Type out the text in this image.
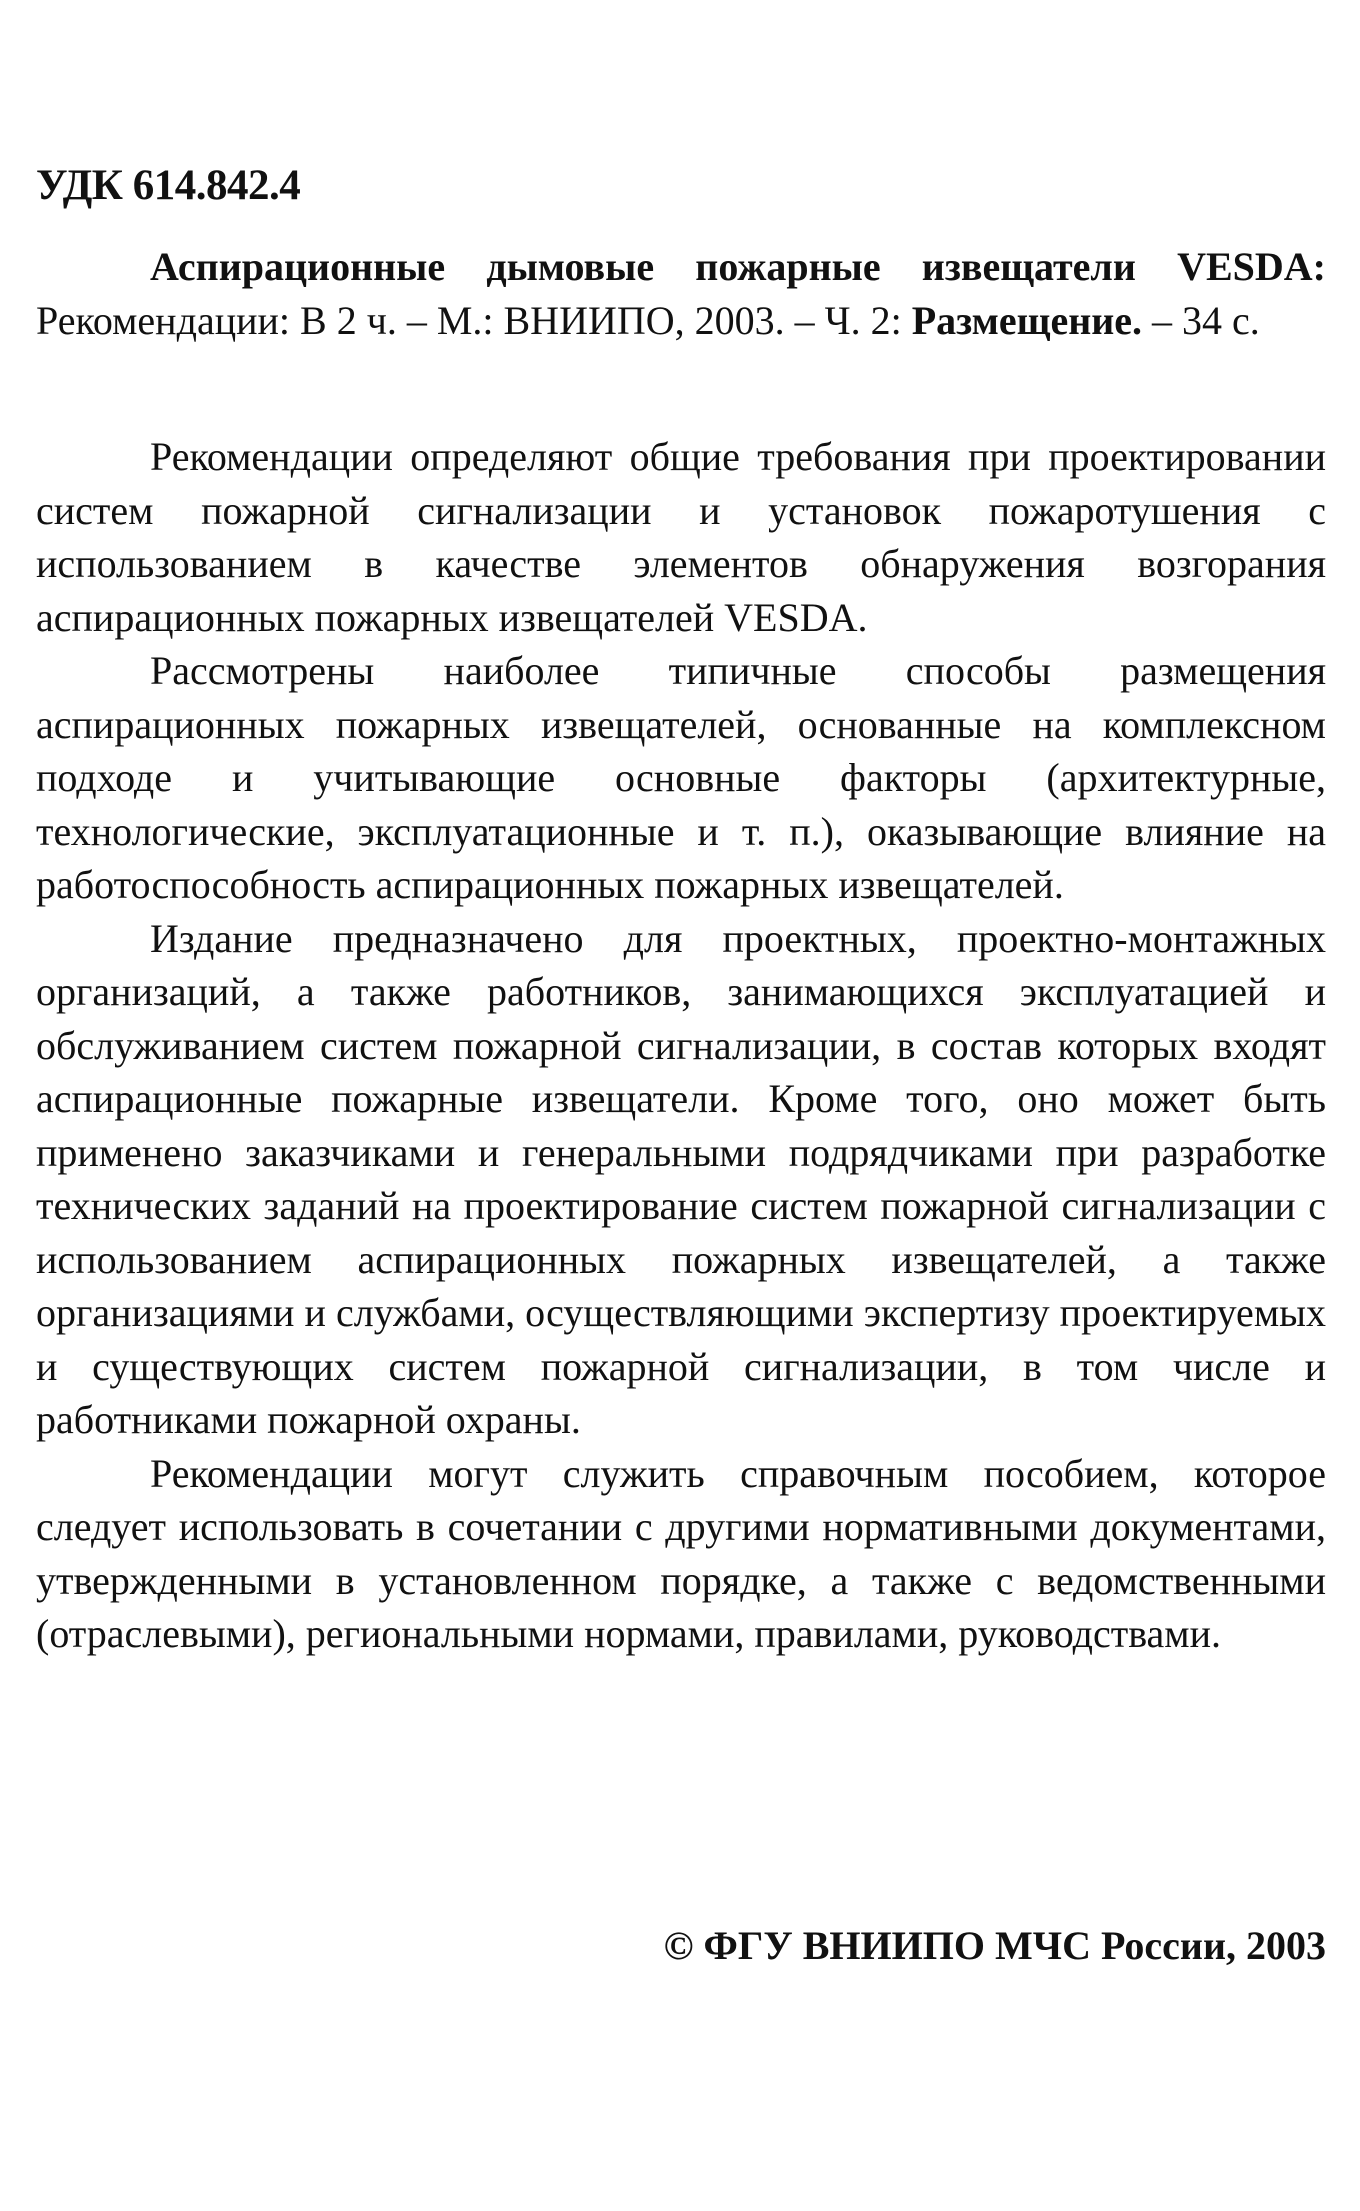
УДК 614.842.4

Аспирационные дымовые пожарные извещатели VESDA: Рекомендации: В 2 ч. – М.: ВНИИПО, 2003. – Ч. 2: Размещение. – 34 с.

Рекомендации определяют общие требования при проектировании систем пожарной сигнализации и установок пожаротушения с использованием в качестве элементов обнаружения возгорания аспирационных пожарных извещателей VESDA.

Рассмотрены наиболее типичные способы размещения аспирационных пожарных извещателей, основанные на комплексном подходе и учитывающие основные факторы (архитектурные, технологические, эксплуатационные и т. п.), оказывающие влияние на работоспособность аспирационных пожарных извещателей.

Издание предназначено для проектных, проектно-монтажных организаций, а также работников, занимающихся эксплуатацией и обслуживанием систем пожарной сигнализации, в состав которых входят аспирационные пожарные извещатели. Кроме того, оно может быть применено заказчиками и генеральными подрядчиками при разработке технических заданий на проектирование систем пожарной сигнализации с использованием аспирационных пожарных извещателей, а также организациями и службами, осуществляющими экспертизу проектируемых и существующих систем пожарной сигнализации, в том числе и работниками пожарной охраны.

Рекомендации могут служить справочным пособием, которое следует использовать в сочетании с другими нормативными документами, утвержденными в установленном порядке, а также с ведомственными (отраслевыми), региональными нормами, правилами, руководствами.

© ФГУ ВНИИПО МЧС России, 2003
